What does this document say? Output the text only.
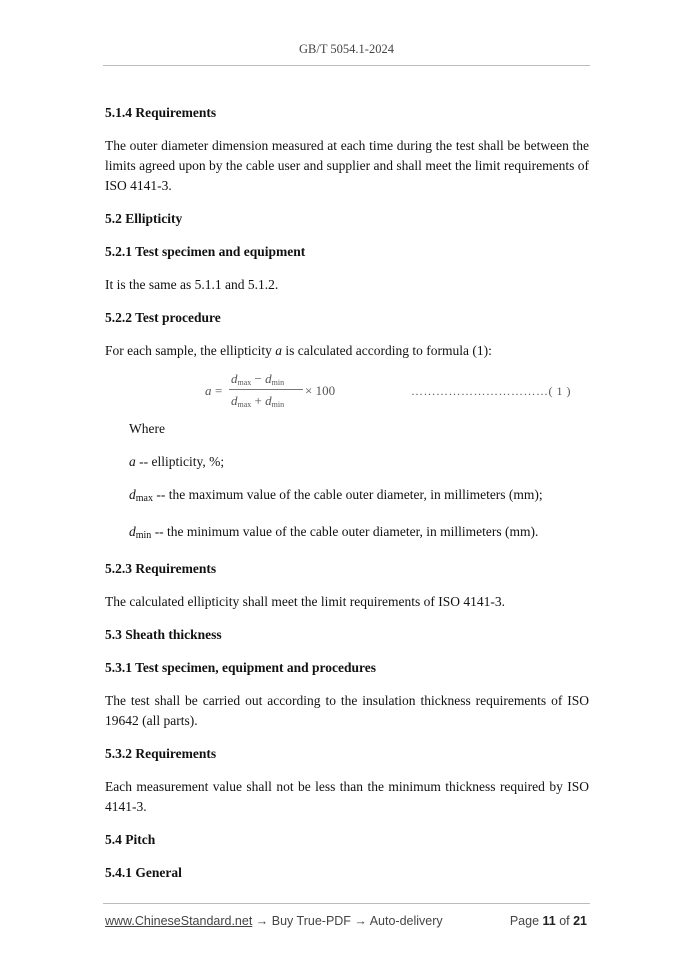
GB/T 5054.1-2024

5.1.4 Requirements

The outer diameter dimension measured at each time during the test shall be between the limits agreed upon by the cable user and supplier and shall meet the limit requirements of ISO 4141-3.

5.2 Ellipticity

5.2.1 Test specimen and equipment

It is the same as 5.1.1 and 5.1.2.

5.2.2 Test procedure

For each sample, the ellipticity a is calculated according to formula (1):

a =
$d_{max} - d_{min}$
$d_{max} + d_{min}$
× 100	……………………………( 1 )

Where

a -- ellipticity, %;

$d_{max}$ -- the maximum value of the cable outer diameter, in millimeters (mm);

$d_{min}$ -- the minimum value of the cable outer diameter, in millimeters (mm).

5.2.3 Requirements

The calculated ellipticity shall meet the limit requirements of ISO 4141-3.

5.3 Sheath thickness

5.3.1 Test specimen, equipment and procedures

The test shall be carried out according to the insulation thickness requirements of ISO 19642 (all parts).

5.3.2 Requirements

Each measurement value shall not be less than the minimum thickness required by ISO 4141-3.

5.4 Pitch

5.4.1 General

www.ChineseStandard.net → Buy True-PDF → Auto-delivery	Page 11 of 21
